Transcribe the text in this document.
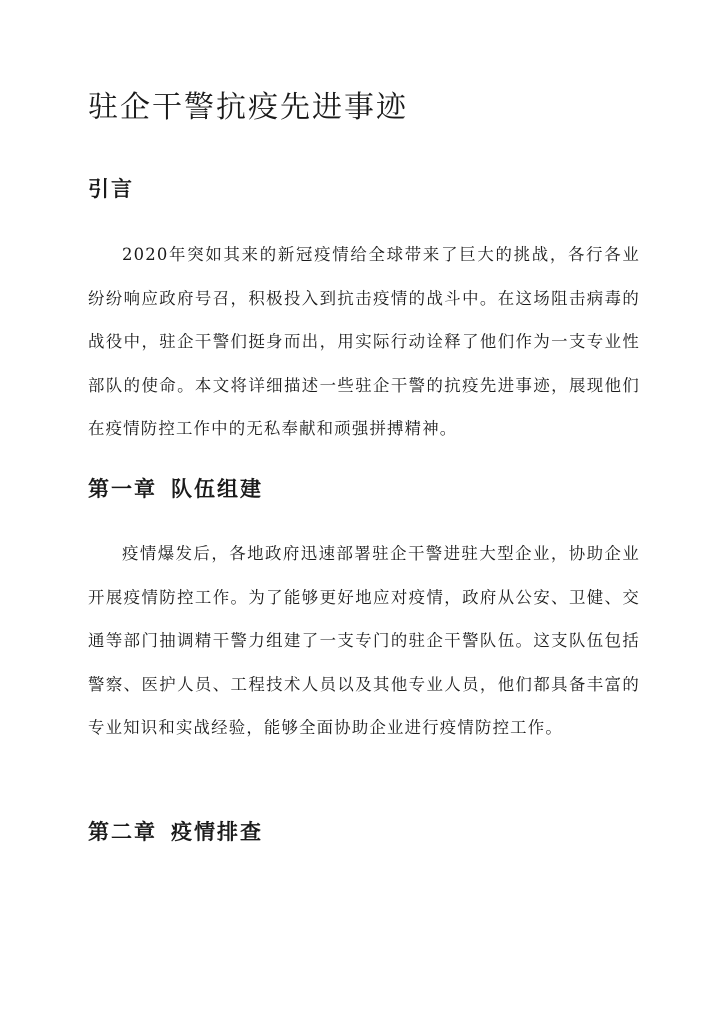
驻企干警抗疫先进事迹
引言

2020年突如其来的新冠疫情给全球带来了巨大的挑战，各行各业纷纷响应政府号召，积极投入到抗击疫情的战斗中。在这场阻击病毒的战役中，驻企干警们挺身而出，用实际行动诠释了他们作为一支专业性部队的使命。本文将详细描述一些驻企干警的抗疫先进事迹，展现他们在疫情防控工作中的无私奉献和顽强拼搏精神。

第一章 队伍组建

疫情爆发后，各地政府迅速部署驻企干警进驻大型企业，协助企业开展疫情防控工作。为了能够更好地应对疫情，政府从公安、卫健、交通等部门抽调精干警力组建了一支专门的驻企干警队伍。这支队伍包括警察、医护人员、工程技术人员以及其他专业人员，他们都具备丰富的专业知识和实战经验，能够全面协助企业进行疫情防控工作。

第二章 疫情排查
